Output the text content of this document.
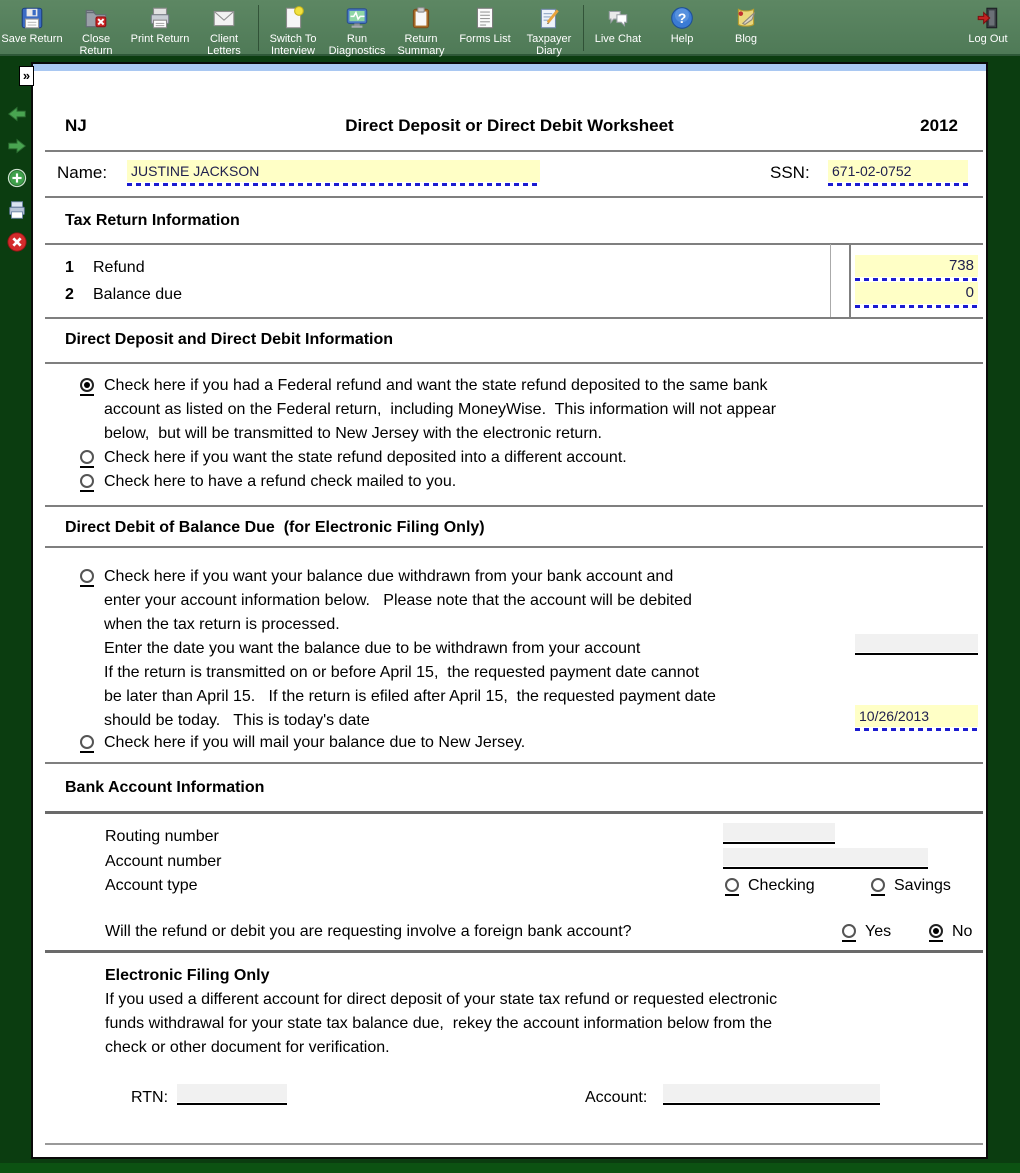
Save Return	Close Return
Print Return	Client Letters
Switch To Interview
Run Diagnostics
Return Summary
Forms List	Taxpayer Diary
Live Chat
?
Help	Blog	Log Out
»
NJ	Direct Deposit or Direct Debit Worksheet	2012
Name: JUSTINE JACKSON	SSN: 671-02-0752
Tax Return Information
1 Refund	738
2 Balance due	0
Direct Deposit and Direct Debit Information
Check here if you had a Federal refund and want the state refund deposited to the same bank
account as listed on the Federal return,  including MoneyWise.  This information will not appear
below,  but will be transmitted to New Jersey with the electronic return.
Check here if you want the state refund deposited into a different account.
Check here to have a refund check mailed to you.
Direct Debit of Balance Due  (for Electronic Filing Only)
Check here if you want your balance due withdrawn from your bank account and
enter your account information below.   Please note that the account will be debited
when the tax return is processed.
Enter the date you want the balance due to be withdrawn from your account
If the return is transmitted on or before April 15,  the requested payment date cannot
be later than April 15.   If the return is efiled after April 15,  the requested payment date
should be today.   This is today's date	10/26/2013
Check here if you will mail your balance due to New Jersey.
Bank Account Information
Routing number
Account number
Account type	Checking	Savings
Will the refund or debit you are requesting involve a foreign bank account?	Yes	No
Electronic Filing Only
If you used a different account for direct deposit of your state tax refund or requested electronic
funds withdrawal for your state tax balance due,  rekey the account information below from the
check or other document for verification.
RTN:	Account:
